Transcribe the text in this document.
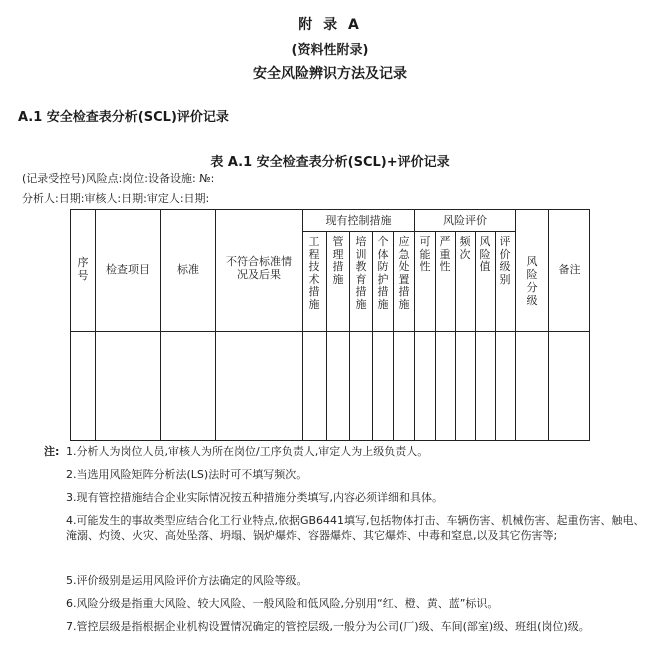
附 录 A
(资料性附录)
安全风险辨识方法及记录
A.1 安全检查表分析(SCL)评价记录
表 A.1 安全检查表分析(SCL)+评价记录
(记录受控号)风险点:岗位:设备设施: №:
分析人:日期:审核人:日期:审定人:日期:
序号	检查项目	标准
不符合标准情况及后果
现有控制措施
工程技术措施
管理措施
培训教育措施
个体防护措施
应急处置措施
风险评价
可能性
严重性
频次
风险值
评价级别
风险分级
备注
注: 1.分析人为岗位人员,审核人为所在岗位/工序负责人,审定人为上级负责人。
2.当选用风险矩阵分析法(LS)法时可不填写频次。
3.现有管控措施结合企业实际情况按五种措施分类填写,内容必须详细和具体。
4.可能发生的事故类型应结合化工行业特点,依据GB6441填写,包括物体打击、车辆伤害、机械伤害、起重伤害、触电、淹溺、灼烫、火灾、高处坠落、坍塌、锅炉爆炸、容器爆炸、其它爆炸、中毒和窒息,以及其它伤害等;
5.评价级别是运用风险评价方法确定的风险等级。
6.风险分级是指重大风险、较大风险、一般风险和低风险,分别用“红、橙、黄、蓝”标识。
7.管控层级是指根据企业机构设置情况确定的管控层级,一般分为公司(厂)级、车间(部室)级、班组(岗位)级。
